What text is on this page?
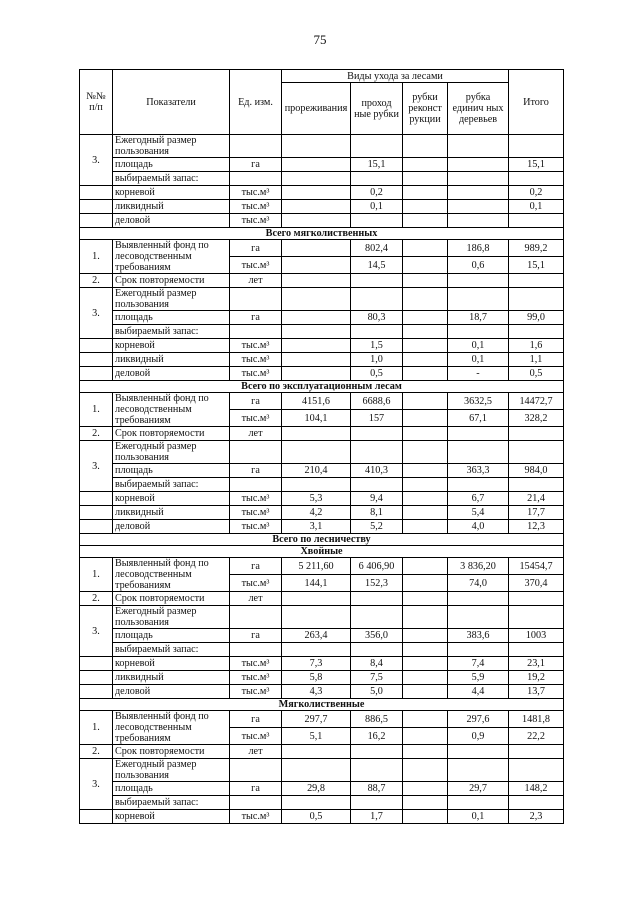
75
№№ п/п	Показатели	Ед. изм.	Виды ухода за лесами				Итого
			прореживания	проход ные рубки	рубки реконст рукции	рубка единич ных деревьев	
3.	Ежегодный размер пользования						
	площадь	га		15,1			15,1
	выбираемый запас:						
	корневой	тыс.м³		0,2			0,2
	ликвидный	тыс.м³		0,1			0,1
	деловой	тыс.м³					
Всего мягколиственных							
1.	Выявленный фонд по лесоводственным требованиям	га		802,4		186,8	989,2
		тыс.м³		14,5		0,6	15,1
2.	Срок повторяемости	лет					
3.	Ежегодный размер пользования						
	площадь	га		80,3		18,7	99,0
	выбираемый запас:						
	корневой	тыс.м³		1,5		0,1	1,6
	ликвидный	тыс.м³		1,0		0,1	1,1
	деловой	тыс.м³		0,5		-	0,5
Всего по эксплуатационным лесам							
1.	Выявленный фонд по лесоводственным требованиям	га	4151,6	6688,6		3632,5	14472,7
		тыс.м³	104,1	157		67,1	328,2
2.	Срок повторяемости	лет					
3.	Ежегодный размер пользования						
	площадь	га	210,4	410,3		363,3	984,0
	выбираемый запас:						
	корневой	тыс.м³	5,3	9,4		6,7	21,4
	ликвидный	тыс.м³	4,2	8,1		5,4	17,7
	деловой	тыс.м³	3,1	5,2		4,0	12,3
Всего по лесничеству							
Хвойные							
1.	Выявленный фонд по лесоводственным требованиям	га	5 211,60	6 406,90		3 836,20	15454,7
		тыс.м³	144,1	152,3		74,0	370,4
2.	Срок повторяемости	лет					
3.	Ежегодный размер пользования						
	площадь	га	263,4	356,0		383,6	1003
	выбираемый запас:						
	корневой	тыс.м³	7,3	8,4		7,4	23,1
	ликвидный	тыс.м³	5,8	7,5		5,9	19,2
	деловой	тыс.м³	4,3	5,0		4,4	13,7
Мягколиственные							
1.	Выявленный фонд по лесоводственным требованиям	га	297,7	886,5		297,6	1481,8
		тыс.м³	5,1	16,2		0,9	22,2
2.	Срок повторяемости	лет					
3.	Ежегодный размер пользования						
	площадь	га	29,8	88,7		29,7	148,2
	выбираемый запас:						
	корневой	тыс.м³	0,5	1,7		0,1	2,3
